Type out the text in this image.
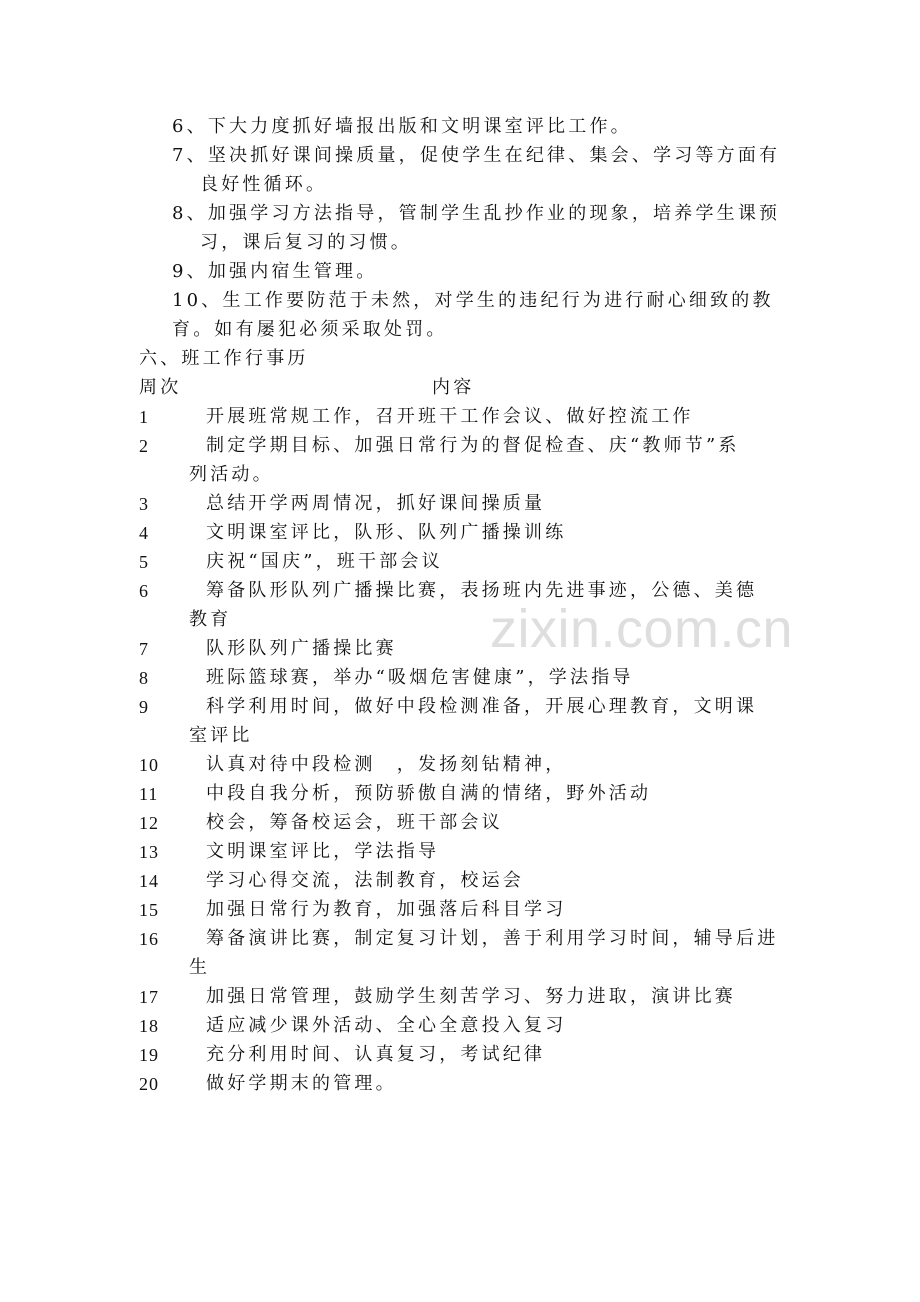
6、下大力度抓好墙报出版和文明课室评比工作。
7、坚决抓好课间操质量，促使学生在纪律、集会、学习等方面有
良好性循环。
8、加强学习方法指导，管制学生乱抄作业的现象，培养学生课预
习，课后复习的习惯。
9、加强内宿生管理。
10、生工作要防范于未然，对学生的违纪行为进行耐心细致的教
育。如有屡犯必须采取处罚。
六、班工作行事历
周次	内容
1	开展班常规工作，召开班干工作会议、做好控流工作
2	制定学期目标、加强日常行为的督促检查、庆“教师节”系
列活动。
3	总结开学两周情况，抓好课间操质量
4	文明课室评比，队形、队列广播操训练
5	庆祝“国庆”，班干部会议
6	筹备队形队列广播操比赛，表扬班内先进事迹，公德、美德
教育
7	队形队列广播操比赛
8	班际篮球赛，举办“吸烟危害健康”，学法指导
9	科学利用时间，做好中段检测准备，开展心理教育，文明课
室评比
10	认真对待中段检测　，发扬刻钻精神，
11	中段自我分析，预防骄傲自满的情绪，野外活动
12	校会，筹备校运会，班干部会议
13	文明课室评比，学法指导
14	学习心得交流，法制教育，校运会
15	加强日常行为教育，加强落后科目学习
16	筹备演讲比赛，制定复习计划，善于利用学习时间，辅导后进
生
17	加强日常管理，鼓励学生刻苦学习、努力进取，演讲比赛
18	适应减少课外活动、全心全意投入复习
19	充分利用时间、认真复习，考试纪律
20	做好学期末的管理。
zixin.com.cn
